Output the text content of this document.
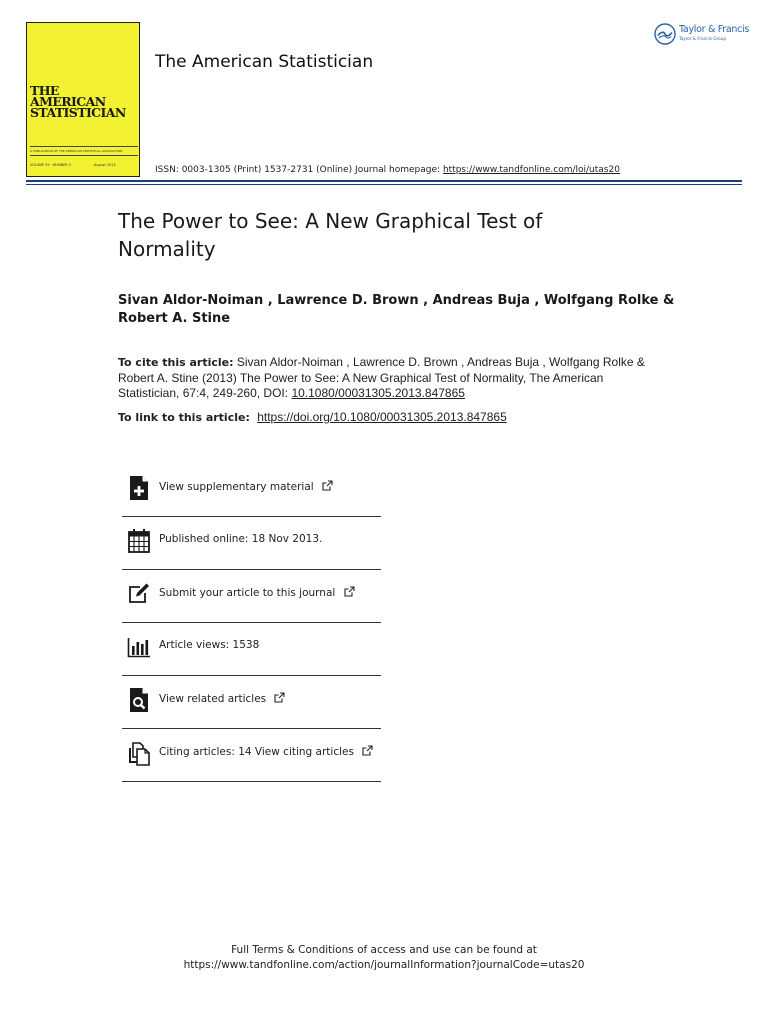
THE
AMERICAN
STATISTICIAN
A PUBLICATION OF THE AMERICAN STATISTICAL ASSOCIATION
VOLUME 59 · NUMBER 3	August 2013
The American Statistician
ISSN: 0003-1305 (Print) 1537-2731 (Online) Journal homepage: https://www.tandfonline.com/loi/utas20
Taylor & Francis
Taylor & Francis Group
The Power to See: A New Graphical Test of
Normality
Sivan Aldor-Noiman , Lawrence D. Brown , Andreas Buja , Wolfgang Rolke &
Robert A. Stine
To cite this article: Sivan Aldor-Noiman , Lawrence D. Brown , Andreas Buja , Wolfgang Rolke & Robert A. Stine (2013) The Power to See: A New Graphical Test of Normality, The American Statistician, 67:4, 249-260, DOI: 10.1080/00031305.2013.847865
To link to this article: https://doi.org/10.1080/00031305.2013.847865
View supplementary material
Published online: 18 Nov 2013.
Submit your article to this journal
Article views: 1538
View related articles
Citing articles: 14 View citing articles
Full Terms & Conditions of access and use can be found at
https://www.tandfonline.com/action/journalInformation?journalCode=utas20
